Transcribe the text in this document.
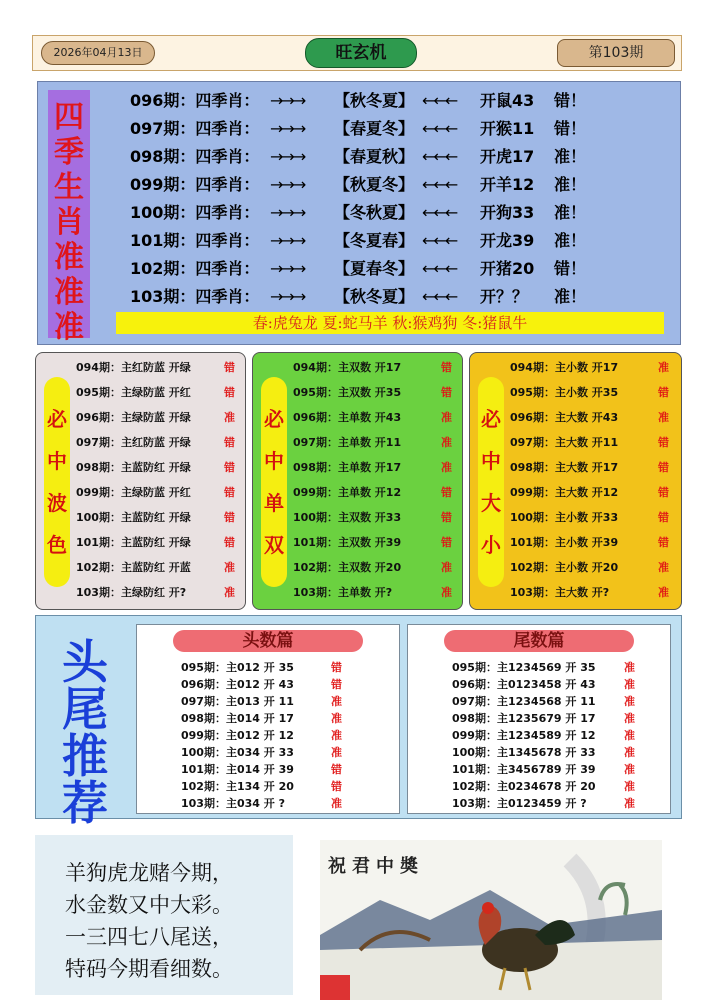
2026年04月13日	旺玄机	第103期
四
季
生
肖
准
准
准
096期：四季肖： →→→ 【秋冬夏】 ←←← 开鼠43 错！
097期：四季肖： →→→ 【春夏冬】 ←←← 开猴11 错！
098期：四季肖： →→→ 【春夏秋】 ←←← 开虎17 准！
099期：四季肖： →→→ 【秋夏冬】 ←←← 开羊12 准！
100期：四季肖： →→→ 【冬秋夏】 ←←← 开狗33 准！
101期：四季肖： →→→ 【冬夏春】 ←←← 开龙39 准！
102期：四季肖： →→→ 【夏春冬】 ←←← 开猪20 错！
103期：四季肖： →→→ 【秋冬夏】 ←←← 开？？ 准！
春:虎兔龙 夏:蛇马羊 秋:猴鸡狗 冬:猪鼠牛
必
中
波
色
094期：主红防蓝 开绿	错
095期：主绿防蓝 开红	错
096期：主绿防蓝 开绿	准
097期：主红防蓝 开绿	错
098期：主蓝防红 开绿	错
099期：主绿防蓝 开红	错
100期：主蓝防红 开绿	错
101期：主蓝防红 开绿	错
102期：主蓝防红 开蓝	准
103期：主绿防红 开?	准
必
中
单
双
094期：主双数 开17	错
095期：主双数 开35	错
096期：主单数 开43	准
097期：主单数 开11	准
098期：主单数 开17	准
099期：主单数 开12	错
100期：主双数 开33	错
101期：主双数 开39	错
102期：主双数 开20	准
103期：主单数 开?	准
必
中
大
小
094期：主小数 开17	准
095期：主小数 开35	错
096期：主大数 开43	准
097期：主大数 开11	错
098期：主大数 开17	错
099期：主大数 开12	错
100期：主小数 开33	错
101期：主小数 开39	错
102期：主小数 开20	准
103期：主大数 开?	准
头
尾
推
荐
头数篇
095期：主012 开 35	错
096期：主012 开 43	错
097期：主013 开 11	准
098期：主014 开 17	准
099期：主012 开 12	准
100期：主034 开 33	准
101期：主014 开 39	错
102期：主134 开 20	错
103期：主034 开 ?	准
尾数篇
095期：主1234569 开 35	准
096期：主0123458 开 43	准
097期：主1234568 开 11	准
098期：主1235679 开 17	准
099期：主1234589 开 12	准
100期：主1345678 开 33	准
101期：主3456789 开 39	准
102期：主0234678 开 20	准
103期：主0123459 开 ?	准
羊狗虎龙赌今期，
水金数又中大彩。
一三四七八尾送，
特码今期看细数。
祝君中奬
